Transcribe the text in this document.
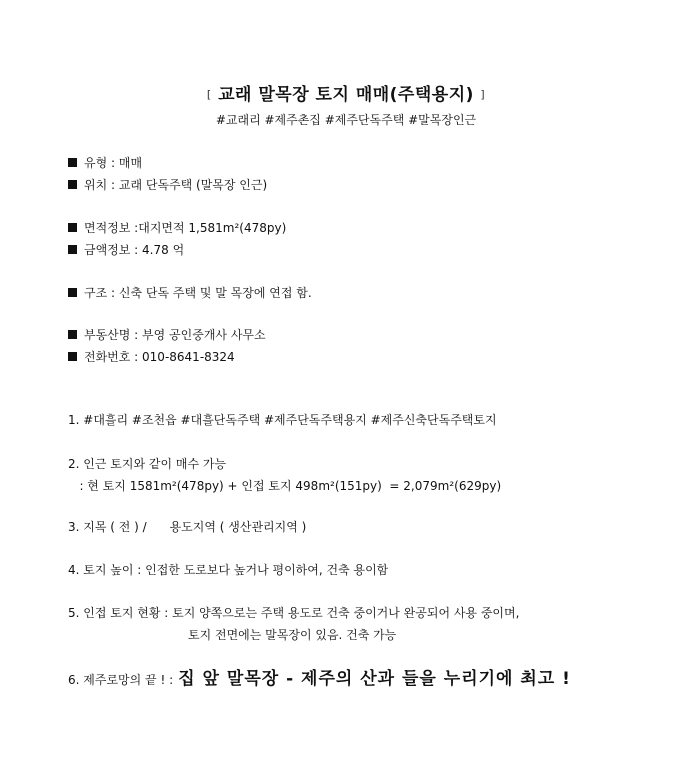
[ 교래 말목장 토지 매매(주택용지) ]
#교래리 #제주촌집 #제주단독주택 #말목장인근
유형 : 매매
위치 : 교래 단독주택 (말목장 인근)
면적정보 :대지면적 1,581m²(478py)
금액정보 : 4.78 억
구조 : 신축 단독 주택 및 말 목장에 연접 함.
부동산명 : 부영 공인중개사 사무소
전화번호 : 010-8641-8324
1. #대흘리 #조천읍 #대흘단독주택 #제주단독주택용지 #제주신축단독주택토지
2. 인근 토지와 같이 매수 가능
: 현 토지 1581m²(478py) + 인접 토지 498m²(151py)  = 2,079m²(629py)
3. 지목 ( 전 ) /      용도지역 ( 생산관리지역 )
4. 토지 높이 : 인접한 도로보다 높거나 평이하여, 건축 용이함
5. 인접 토지 현황 : 토지 양쪽으로는 주택 용도로 건축 중이거나 완공되어 사용 중이며,
토지 전면에는 말목장이 있음. 건축 가능
6. 제주로망의 끝 ! : 집 앞 말목장 - 제주의 산과 들을 누리기에 최고 !
